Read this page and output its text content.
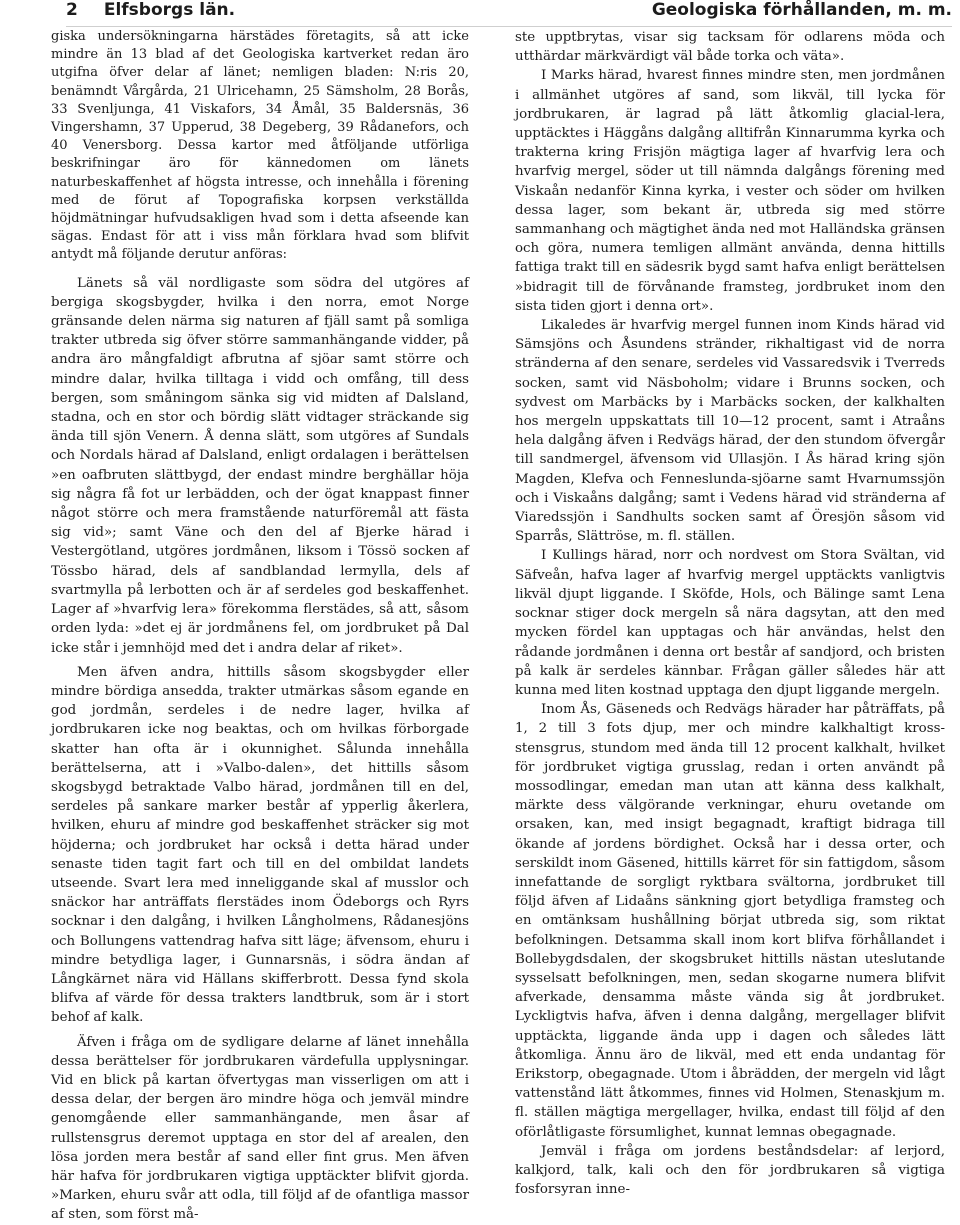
2 Elfsborgs län.	Geologiska förhållanden, m. m.

giska undersökningarna härstädes företagits, så att icke mindre än 13 blad af det Geologiska kartverket redan äro utgifna öfver delar af länet; nemligen bladen: N:ris 20, benämndt Vårgårda, 21 Ulricehamn, 25 Sämsholm, 28 Borås, 33 Svenljunga, 41 Viskafors, 34 Åmål, 35 Baldersnäs, 36 Vingershamn, 37 Upperud, 38 Degeberg, 39 Rådanefors, och 40 Venersborg. Dessa kartor med åtföljande utförliga beskrifningar äro för kännedomen om länets naturbeskaffenhet af högsta intresse, och innehålla i förening med de förut af Topografiska korpsen verkställda höjdmätningar hufvudsakligen hvad som i detta afseende kan sägas. Endast för att i viss mån förklara hvad som blifvit antydt må följande derutur anföras:

Länets så väl nordligaste som södra del utgöres af bergiga skogsbygder, hvilka i den norra, emot Norge gränsande delen närma sig naturen af fjäll samt på somliga trakter utbreda sig öfver större sammanhängande vidder, på andra äro mångfaldigt afbrutna af sjöar samt större och mindre dalar, hvilka tilltaga i vidd och omfång, till dess bergen, som småningom sänka sig vid midten af Dalsland, stadna, och en stor och bördig slätt vidtager sträckande sig ända till sjön Venern. Å denna slätt, som utgöres af Sundals och Nordals härad af Dalsland, enligt ordalagen i berättelsen »en oafbruten slättbygd, der endast mindre berghällar höja sig några få fot ur lerbädden, och der ögat knappast finner något större och mera framstående naturföremål att fästa sig vid»; samt Väne och den del af Bjerke härad i Vestergötland, utgöres jordmånen, liksom i Tössö socken af Tössbo härad, dels af sandblandad lermylla, dels af svartmylla på lerbotten och är af serdeles god beskaffenhet. Lager af »hvarfvig lera» förekomma flerstädes, så att, såsom orden lyda: »det ej är jordmånens fel, om jordbruket på Dal icke står i jemnhöjd med det i andra delar af riket».

Men äfven andra, hittills såsom skogsbygder eller mindre bördiga ansedda, trakter utmärkas såsom egande en god jordmån, serdeles i de nedre lager, hvilka af jordbrukaren icke nog beaktas, och om hvilkas förborgade skatter han ofta är i okunnighet. Sålunda innehålla berättelserna, att i »Valbo-dalen», det hittills såsom skogsbygd betraktade Valbo härad, jordmånen till en del, serdeles på sankare marker består af ypperlig åkerlera, hvilken, ehuru af mindre god beskaffenhet sträcker sig mot höjderna; och jordbruket har också i detta härad under senaste tiden tagit fart och till en del ombildat landets utseende. Svart lera med inneliggande skal af musslor och snäckor har anträffats flerstädes inom Ödeborgs och Ryrs socknar i den dalgång, i hvilken Långholmens, Rådanesjöns och Bollungens vattendrag hafva sitt läge; äfvensom, ehuru i mindre betydliga lager, i Gunnarsnäs, i södra ändan af Långkärnet nära vid Hällans skifferbrott. Dessa fynd skola blifva af värde för dessa trakters landtbruk, som är i stort behof af kalk.

Äfven i fråga om de sydligare delarne af länet innehålla dessa berättelser för jordbrukaren värdefulla upplysningar. Vid en blick på kartan öfvertygas man visserligen om att i dessa delar, der bergen äro mindre höga och jemväl mindre genomgående eller sammanhängande, men åsar af rullstensgrus deremot upptaga en stor del af arealen, den lösa jorden mera består af sand eller fint grus. Men äfven här hafva för jordbrukaren vigtiga upptäckter blifvit gjorda. »Marken, ehuru svår att odla, till följd af de ofantliga massor af sten, som först må-

ste upptbrytas, visar sig tacksam för odlarens möda och utthärdar märkvärdigt väl både torka och väta».

I Marks härad, hvarest finnes mindre sten, men jordmånen i allmänhet utgöres af sand, som likväl, till lycka för jordbrukaren, är lagrad på lätt åtkomlig glacial-lera, upptäcktes i Häggåns dalgång alltifrån Kinnarumma kyrka och trakterna kring Frisjön mägtiga lager af hvarfvig lera och hvarfvig mergel, söder ut till nämnda dalgångs förening med Viskaån nedanför Kinna kyrka, i vester och söder om hvilken dessa lager, som bekant är, utbreda sig med större sammanhang och mägtighet ända ned mot Halländska gränsen och göra, numera temligen allmänt använda, denna hittills fattiga trakt till en sädesrik bygd samt hafva enligt berättelsen »bidragit till de förvånande framsteg, jordbruket inom den sista tiden gjort i denna ort».

Likaledes är hvarfvig mergel funnen inom Kinds härad vid Sämsjöns och Åsundens stränder, rikhaltigast vid de norra stränderna af den senare, serdeles vid Vassaredsvik i Tverreds socken, samt vid Näsboholm; vidare i Brunns socken, och sydvest om Marbäcks by i Marbäcks socken, der kalkhalten hos mergeln uppskattats till 10—12 procent, samt i Atraåns hela dalgång äfven i Redvägs härad, der den stundom öfvergår till sandmergel, äfvensom vid Ullasjön. I Ås härad kring sjön Magden, Klefva och Fenneslunda-sjöarne samt Hvarnumssjön och i Viskaåns dalgång; samt i Vedens härad vid stränderna af Viaredssjön i Sandhults socken samt af Öresjön såsom vid Sparrås, Slättröse, m. fl. ställen.

I Kullings härad, norr och nordvest om Stora Svältan, vid Säfveån, hafva lager af hvarfvig mergel upptäckts vanligtvis likväl djupt liggande. I Sköfde, Hols, och Bälinge samt Lena socknar stiger dock mergeln så nära dagsytan, att den med mycken fördel kan upptagas och här användas, helst den rådande jordmånen i denna ort består af sandjord, och bristen på kalk är serdeles kännbar. Frågan gäller således här att kunna med liten kostnad upptaga den djupt liggande mergeln.

Inom Ås, Gäseneds och Redvägs härader har påträffats, på 1, 2 till 3 fots djup, mer och mindre kalkhaltigt kross-stensgrus, stundom med ända till 12 procent kalkhalt, hvilket för jordbruket vigtiga grusslag, redan i orten användt på mossodlingar, emedan man utan att känna dess kalkhalt, märkte dess välgörande verkningar, ehuru ovetande om orsaken, kan, med insigt begagnadt, kraftigt bidraga till ökande af jordens bördighet. Också har i dessa orter, och serskildt inom Gäsened, hittills kärret för sin fattigdom, såsom innefattande de sorgligt ryktbara svältorna, jordbruket till följd äfven af Lidaåns sänkning gjort betydliga framsteg och en omtänksam hushållning börjat utbreda sig, som riktat befolkningen. Detsamma skall inom kort blifva förhållandet i Bollebygdsdalen, der skogsbruket hittills nästan uteslutande sysselsatt befolkningen, men, sedan skogarne numera blifvit afverkade, densamma måste vända sig åt jordbruket. Lyckligtvis hafva, äfven i denna dalgång, mergellager blifvit upptäckta, liggande ända upp i dagen och således lätt åtkomliga. Ännu äro de likväl, med ett enda undantag för Erikstorp, obegagnade. Utom i åbrädden, der mergeln vid lågt vattenstånd lätt åtkommes, finnes vid Holmen, Stenaskjum m. fl. ställen mägtiga mergellager, hvilka, endast till följd af den oförlåtligaste försumlighet, kunnat lemnas obegagnade.

Jemväl i fråga om jordens beståndsdelar: af lerjord, kalkjord, talk, kali och den för jordbrukaren så vigtiga fosforsyran inne-
